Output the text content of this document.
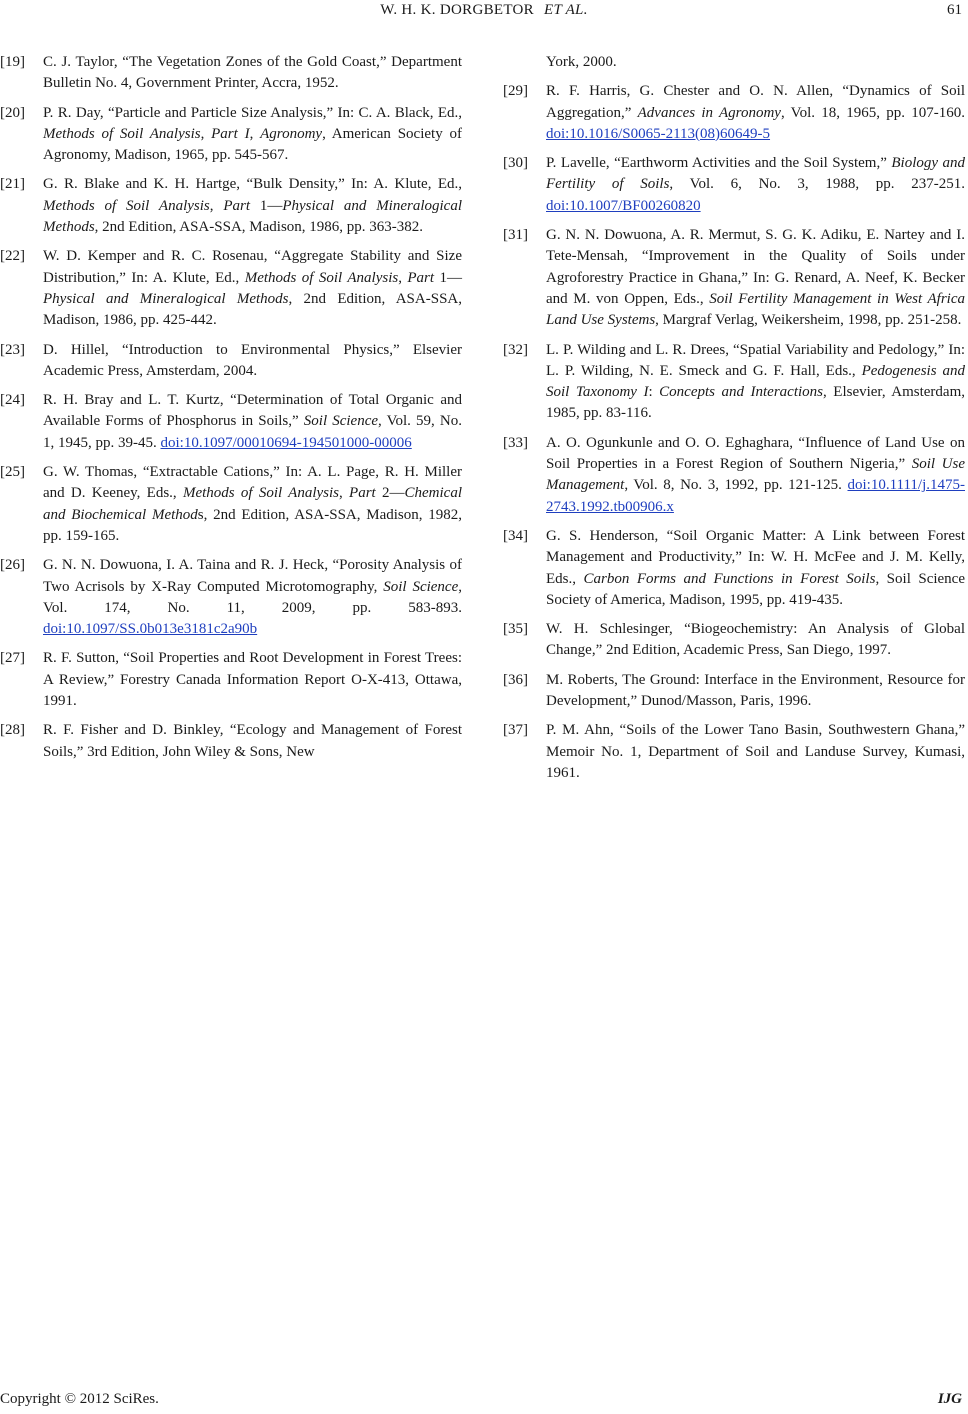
W. H. K. DORGBETOR ET AL.	61
[19] C. J. Taylor, “The Vegetation Zones of the Gold Coast,” Department Bulletin No. 4, Government Printer, Accra, 1952.
[20] P. R. Day, “Particle and Particle Size Analysis,” In: C. A. Black, Ed., Methods of Soil Analysis, Part I, Agronomy, American Society of Agronomy, Madison, 1965, pp. 545-567.
[21] G. R. Blake and K. H. Hartge, “Bulk Density,” In: A. Klute, Ed., Methods of Soil Analysis, Part 1—Physical and Mineralogical Methods, 2nd Edition, ASA-SSA, Madison, 1986, pp. 363-382.
[22] W. D. Kemper and R. C. Rosenau, “Aggregate Stability and Size Distribution,” In: A. Klute, Ed., Methods of Soil Analysis, Part 1—Physical and Mineralogical Methods, 2nd Edition, ASA-SSA, Madison, 1986, pp. 425-442.
[23] D. Hillel, “Introduction to Environmental Physics,” Elsevier Academic Press, Amsterdam, 2004.
[24] R. H. Bray and L. T. Kurtz, “Determination of Total Organic and Available Forms of Phosphorus in Soils,” Soil Science, Vol. 59, No. 1, 1945, pp. 39-45. doi:10.1097/00010694-194501000-00006
[25] G. W. Thomas, “Extractable Cations,” In: A. L. Page, R. H. Miller and D. Keeney, Eds., Methods of Soil Analysis, Part 2—Chemical and Biochemical Methods, 2nd Edition, ASA-SSA, Madison, 1982, pp. 159-165.
[26] G. N. N. Dowuona, I. A. Taina and R. J. Heck, “Porosity Analysis of Two Acrisols by X-Ray Computed Microtomography, Soil Science, Vol. 174, No. 11, 2009, pp. 583-893. doi:10.1097/SS.0b013e3181c2a90b
[27] R. F. Sutton, “Soil Properties and Root Development in Forest Trees: A Review,” Forestry Canada Information Report O-X-413, Ottawa, 1991.
[28] R. F. Fisher and D. Binkley, “Ecology and Management of Forest Soils,” 3rd Edition, John Wiley & Sons, New
York, 2000.
[29] R. F. Harris, G. Chester and O. N. Allen, “Dynamics of Soil Aggregation,” Advances in Agronomy, Vol. 18, 1965, pp. 107-160. doi:10.1016/S0065-2113(08)60649-5
[30] P. Lavelle, “Earthworm Activities and the Soil System,” Biology and Fertility of Soils, Vol. 6, No. 3, 1988, pp. 237-251. doi:10.1007/BF00260820
[31] G. N. N. Dowuona, A. R. Mermut, S. G. K. Adiku, E. Nartey and I. Tete-Mensah, “Improvement in the Quality of Soils under Agroforestry Practice in Ghana,” In: G. Renard, A. Neef, K. Becker and M. von Oppen, Eds., Soil Fertility Management in West Africa Land Use Systems, Margraf Verlag, Weikersheim, 1998, pp. 251-258.
[32] L. P. Wilding and L. R. Drees, “Spatial Variability and Pedology,” In: L. P. Wilding, N. E. Smeck and G. F. Hall, Eds., Pedogenesis and Soil Taxonomy I: Concepts and Interactions, Elsevier, Amsterdam, 1985, pp. 83-116.
[33] A. O. Ogunkunle and O. O. Eghaghara, “Influence of Land Use on Soil Properties in a Forest Region of Southern Nigeria,” Soil Use Management, Vol. 8, No. 3, 1992, pp. 121-125. doi:10.1111/j.1475-2743.1992.tb00906.x
[34] G. S. Henderson, “Soil Organic Matter: A Link between Forest Management and Productivity,” In: W. H. McFee and J. M. Kelly, Eds., Carbon Forms and Functions in Forest Soils, Soil Science Society of America, Madison, 1995, pp. 419-435.
[35] W. H. Schlesinger, “Biogeochemistry: An Analysis of Global Change,” 2nd Edition, Academic Press, San Diego, 1997.
[36] M. Roberts, The Ground: Interface in the Environment, Resource for Development,” Dunod/Masson, Paris, 1996.
[37] P. M. Ahn, “Soils of the Lower Tano Basin, Southwestern Ghana,” Memoir No. 1, Department of Soil and Landuse Survey, Kumasi, 1961.
Copyright © 2012 SciRes.	IJG
